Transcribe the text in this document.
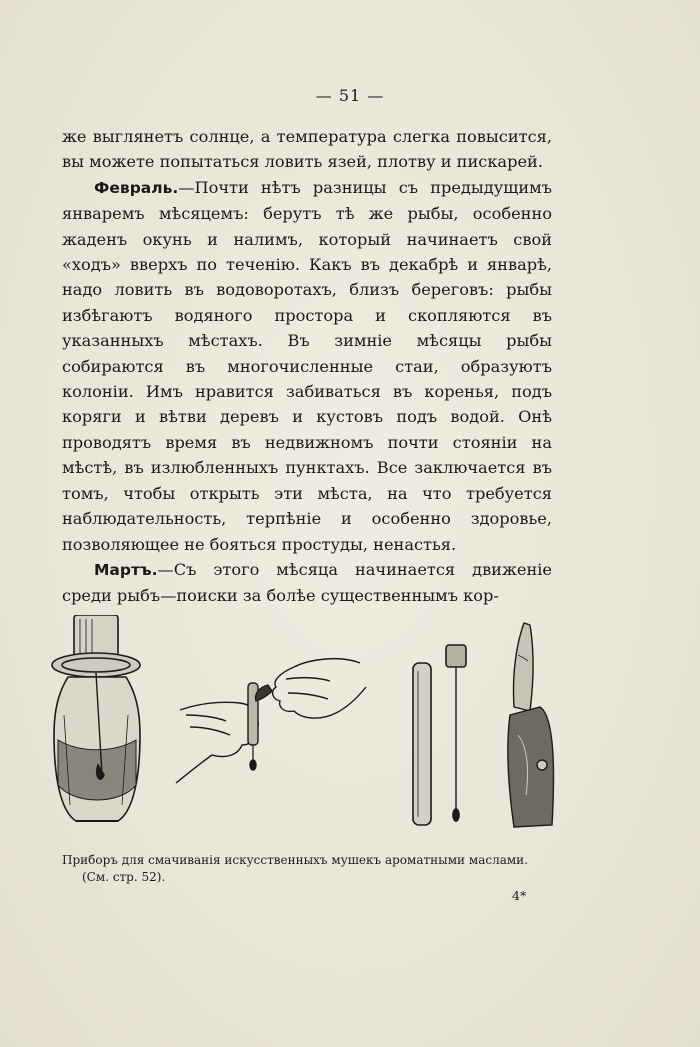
— 51 —

же выглянетъ солнце, а температура слегка повысится, вы можете попытаться ловить язей, плотву и пискарей.

Февраль.—Почти нѣтъ разницы съ предыдущимъ январемъ мѣсяцемъ: берутъ тѣ же рыбы, особенно жаденъ окунь и налимъ, который начинаетъ свой «ходъ» вверхъ по теченію. Какъ въ декабрѣ и январѣ, надо ловить въ водоворотахъ, близъ береговъ: рыбы избѣгаютъ водяного простора и скопляются въ указанныхъ мѣстахъ. Въ зимніе мѣсяцы рыбы собираются въ многочисленные стаи, образуютъ колоніи. Имъ нравится забиваться въ коренья, подъ коряги и вѣтви деревъ и кустовъ подъ водой. Онѣ проводятъ время въ недвижномъ почти стояніи на мѣстѣ, въ излюбленныхъ пунктахъ. Все заключается въ томъ, чтобы открыть эти мѣста, на что требуется наблюдательность, терпѣніе и особенно здоровье, позволяющее не бояться простуды, ненастья.

Мартъ.—Съ этого мѣсяца начинается движеніе среди рыбъ—поиски за болѣе существеннымъ кор-

Приборъ для смачиванія искусственныхъ мушекъ ароматными маслами.
(См. стр. 52).
4*
